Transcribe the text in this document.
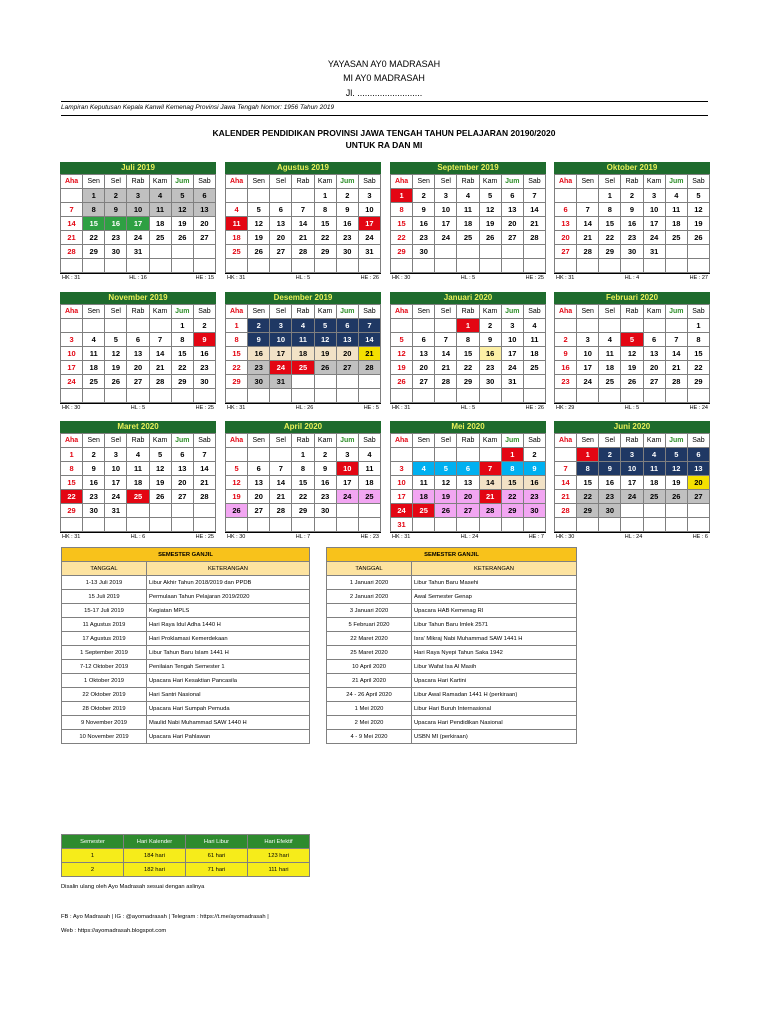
YAYASAN AY0 MADRASAH
MI AY0 MADRASAH
Jl. ..........................
Lampiran Keputusan Kepala Kanwil Kemenag Provinsi Jawa Tengah Nomor: 1956 Tahun 2019
KALENDER PENDIDIKAN PROVINSI JAWA TENGAH TAHUN PELAJARAN 20190/2020
UNTUK RA DAN MI
Juli 2019
Aha	Sen	Sel	Rab	Kam	Jum	Sab
	1	2	3	4	5	6
7	8	9	10	11	12	13
14	15	16	17	18	19	20
21	22	23	24	25	26	27
28	29	30	31			

HK : 31	HL : 16	HE : 15
Agustus 2019
Aha	Sen	Sel	Rab	Kam	Jum	Sab
				1	2	3
4	5	6	7	8	9	10
11	12	13	14	15	16	17
18	19	20	21	22	23	24
25	26	27	28	29	30	31

HK : 31	HL : 5	HE : 26
September 2019
Aha	Sen	Sel	Rab	Kam	Jum	Sab
1	2	3	4	5	6	7
8	9	10	11	12	13	14
15	16	17	18	19	20	21
22	23	24	25	26	27	28
29	30					

HK : 30	HL : 5	HE : 25
Oktober 2019
Aha	Sen	Sel	Rab	Kam	Jum	Sab
		1	2	3	4	5
6	7	8	9	10	11	12
13	14	15	16	17	18	19
20	21	22	23	24	25	26
27	28	29	30	31		

HK : 31	HL : 4	HE : 27
November 2019
Aha	Sen	Sel	Rab	Kam	Jum	Sab
					1	2
3	4	5	6	7	8	9
10	11	12	13	14	15	16
17	18	19	20	21	22	23
24	25	26	27	28	29	30

HK : 30	HL : 5	HE : 25
Desember 2019
Aha	Sen	Sel	Rab	Kam	Jum	Sab
1	2	3	4	5	6	7
8	9	10	11	12	13	14
15	16	17	18	19	20	21
22	23	24	25	26	27	28
29	30	31				

HK : 31	HL : 26	HE : 5
Januari 2020
Aha	Sen	Sel	Rab	Kam	Jum	Sab
			1	2	3	4
5	6	7	8	9	10	11
12	13	14	15	16	17	18
19	20	21	22	23	24	25
26	27	28	29	30	31	

HK : 31	HL : 5	HE : 26
Februari 2020
Aha	Sen	Sel	Rab	Kam	Jum	Sab
						1
2	3	4	5	6	7	8
9	10	11	12	13	14	15
16	17	18	19	20	21	22
23	24	25	26	27	28	29

HK : 29	HL : 5	HE : 24
Maret 2020
Aha	Sen	Sel	Rab	Kam	Jum	Sab
1	2	3	4	5	6	7
8	9	10	11	12	13	14
15	16	17	18	19	20	21
22	23	24	25	26	27	28
29	30	31				

HK : 31	HL : 6	HE : 25
April 2020
Aha	Sen	Sel	Rab	Kam	Jum	Sab
			1	2	3	4
5	6	7	8	9	10	11
12	13	14	15	16	17	18
19	20	21	22	23	24	25
26	27	28	29	30		

HK : 30	HL : 7	HE : 23
Mei 2020
Aha	Sen	Sel	Rab	Kam	Jum	Sab
					1	2
3	4	5	6	7	8	9
10	11	12	13	14	15	16
17	18	19	20	21	22	23
24	25	26	27	28	29	30
31						
HK : 31	HL : 24	HE : 7
Juni 2020
Aha	Sen	Sel	Rab	Kam	Jum	Sab
	1	2	3	4	5	6
7	8	9	10	11	12	13
14	15	16	17	18	19	20
21	22	23	24	25	26	27
28	29	30				

HK : 30	HL : 24	HE : 6
SEMESTER GANJIL	
TANGGAL	KETERANGAN
1-13 Juli 2019	Libur Akhir Tahun 2018/2019 dan PPDB
15 Juli 2019	Permulaan Tahun Pelajaran 2019/2020
15-17 Juli 2019	Kegiatan MPLS
11 Agustus 2019	Hari Raya Idul Adha 1440 H
17 Agustus 2019	Hari Proklamasi Kemerdekaan
1 September 2019	Libur Tahun Baru Islam 1441 H
7-12 Oktober 2019	Penilaian Tengah Semester 1
1 Oktober 2019	Upacara Hari Kesaktian Pancasila
22 Oktober 2019	Hari Santri Nasional
28 Oktober 2019	Upacara Hari Sumpah Pemuda
9 November 2019	Maulid Nabi Muhammad SAW 1440 H
10 November 2019	Upacara Hari Pahlawan
SEMESTER GANJIL	
TANGGAL	KETERANGAN
1 Januari 2020	Libur Tahun Baru Masehi
2 Januari 2020	Awal Semester Genap
3 Januari 2020	Upacara HAB Kemenag RI
5 Februari 2020	Libur Tahun Baru Imlek 2571
22 Maret 2020	Isra' Mikraj Nabi Muhammad SAW 1441 H
25 Maret 2020	Hari Raya Nyepi Tahun Saka 1942
10 April 2020	Libur Wafat Isa Al Masih
21 April 2020	Upacara Hari Kartini
24 - 26 April 2020	Libur Awal Ramadan 1441 H (perkiraan)
1 Mei 2020	Libur Hari Buruh Internasional
2 Mei 2020	Upacara Hari Pendidikan Nasional
4 - 9 Mei 2020	USBN MI (perkiraan)
Semester	Hari Kalender	Hari Libur	Hari Efektif
1	184 hari	61 hari	123 hari
2	182 hari	71 hari	111 hari
Disalin ulang oleh Ayo Madrasah sesuai dengan aslinya
FB : Ayo Madrasah | IG : @ayomadrasah | Telegram : https://t.me/ayomadrasah |
Web : https://ayomadrasah.blogspot.com
